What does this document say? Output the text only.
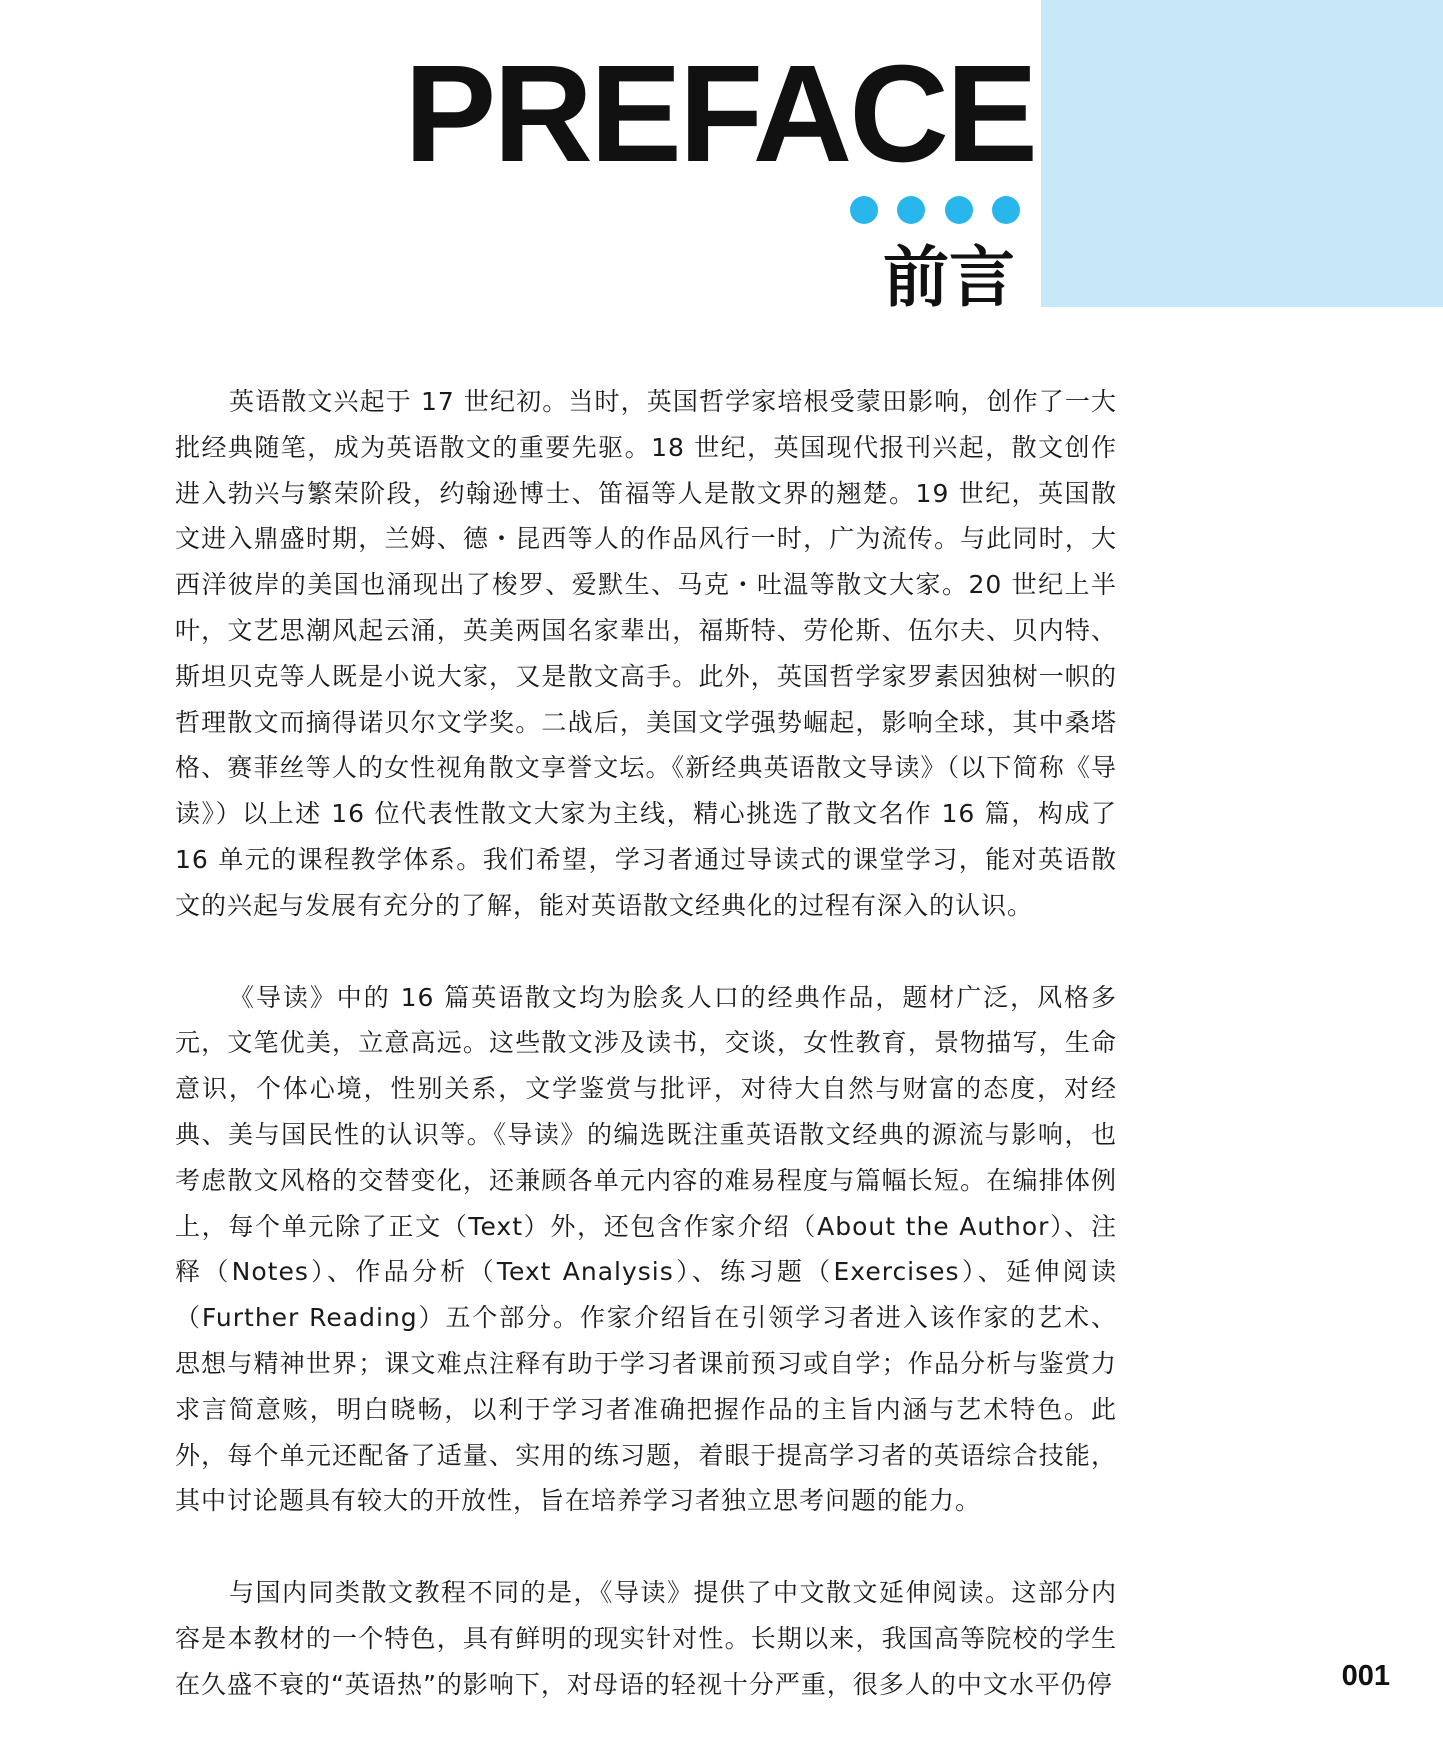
PREFACE
前言

英语散文兴起于 17 世纪初。当时，英国哲学家培根受蒙田影响，创作了一大批经典随笔，成为英语散文的重要先驱。18 世纪，英国现代报刊兴起，散文创作进入勃兴与繁荣阶段，约翰逊博士、笛福等人是散文界的翘楚。19 世纪，英国散文进入鼎盛时期，兰姆、德・昆西等人的作品风行一时，广为流传。与此同时，大西洋彼岸的美国也涌现出了梭罗、爱默生、马克・吐温等散文大家。20 世纪上半叶，文艺思潮风起云涌，英美两国名家辈出，福斯特、劳伦斯、伍尔夫、贝内特、斯坦贝克等人既是小说大家，又是散文高手。此外，英国哲学家罗素因独树一帜的哲理散文而摘得诺贝尔文学奖。二战后，美国文学强势崛起，影响全球，其中桑塔格、赛菲丝等人的女性视角散文享誉文坛。《新经典英语散文导读》（以下简称《导读》）以上述 16 位代表性散文大家为主线，精心挑选了散文名作 16 篇，构成了 16 单元的课程教学体系。我们希望，学习者通过导读式的课堂学习，能对英语散文的兴起与发展有充分的了解，能对英语散文经典化的过程有深入的认识。

《导读》中的 16 篇英语散文均为脍炙人口的经典作品，题材广泛，风格多元，文笔优美，立意高远。这些散文涉及读书，交谈，女性教育，景物描写，生命意识，个体心境，性别关系，文学鉴赏与批评，对待大自然与财富的态度，对经典、美与国民性的认识等。《导读》的编选既注重英语散文经典的源流与影响，也考虑散文风格的交替变化，还兼顾各单元内容的难易程度与篇幅长短。在编排体例上，每个单元除了正文（Text）外，还包含作家介绍（About the Author）、注释（Notes）、作品分析（Text Analysis）、练习题（Exercises）、延伸阅读（Further Reading）五个部分。作家介绍旨在引领学习者进入该作家的艺术、思想与精神世界；课文难点注释有助于学习者课前预习或自学；作品分析与鉴赏力求言简意赅，明白晓畅，以利于学习者准确把握作品的主旨内涵与艺术特色。此外，每个单元还配备了适量、实用的练习题，着眼于提高学习者的英语综合技能，其中讨论题具有较大的开放性，旨在培养学习者独立思考问题的能力。

与国内同类散文教程不同的是，《导读》提供了中文散文延伸阅读。这部分内容是本教材的一个特色，具有鲜明的现实针对性。长期以来，我国高等院校的学生在久盛不衰的“英语热”的影响下，对母语的轻视十分严重，很多人的中文水平仍停	001
